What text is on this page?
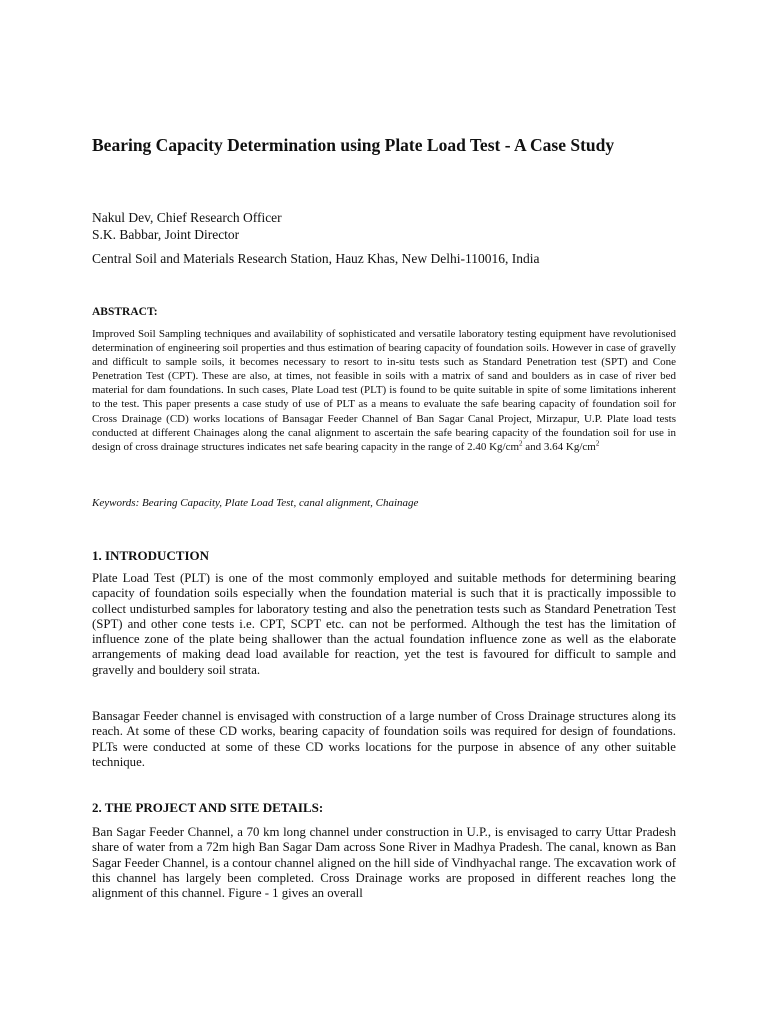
Bearing Capacity Determination using Plate Load Test - A Case Study
Nakul Dev, Chief Research Officer
S.K. Babbar, Joint Director
Central Soil and Materials Research Station, Hauz Khas, New Delhi-110016, India
ABSTRACT:

Improved Soil Sampling techniques and availability of sophisticated and versatile laboratory testing equipment have revolutionised determination of engineering soil properties and thus estimation of bearing capacity of foundation soils. However in case of gravelly and difficult to sample soils, it becomes necessary to resort to in-situ tests such as Standard Penetration test (SPT) and Cone Penetration Test (CPT). These are also, at times, not feasible in soils with a matrix of sand and boulders as in case of river bed material for dam foundations. In such cases, Plate Load test (PLT) is found to be quite suitable in spite of some limitations inherent to the test. This paper presents a case study of use of PLT as a means to evaluate the safe bearing capacity of foundation soil for Cross Drainage (CD) works locations of Bansagar Feeder Channel of Ban Sagar Canal Project, Mirzapur, U.P. Plate load tests conducted at different Chainages along the canal alignment to ascertain the safe bearing capacity of the foundation soil for use in design of cross drainage structures indicates net safe bearing capacity in the range of 2.40 $Kg/cm^2$ and 3.64 $Kg/cm^2$

Keywords: Bearing Capacity, Plate Load Test, canal alignment, Chainage
1. INTRODUCTION

Plate Load Test (PLT) is one of the most commonly employed and suitable methods for determining bearing capacity of foundation soils especially when the foundation material is such that it is practically impossible to collect undisturbed samples for laboratory testing and also the penetration tests such as Standard Penetration Test (SPT) and other cone tests i.e. CPT, SCPT etc. can not be performed. Although the test has the limitation of influence zone of the plate being shallower than the actual foundation influence zone as well as the elaborate arrangements of making dead load available for reaction, yet the test is favoured for difficult to sample and gravelly and bouldery soil strata.

Bansagar Feeder channel is envisaged with construction of a large number of Cross Drainage structures along its reach. At some of these CD works, bearing capacity of foundation soils was required for design of foundations. PLTs were conducted at some of these CD works locations for the purpose in absence of any other suitable technique.

2. THE PROJECT AND SITE DETAILS:

Ban Sagar Feeder Channel, a 70 km long channel under construction in U.P., is envisaged to carry Uttar Pradesh share of water from a 72m high Ban Sagar Dam across Sone River in Madhya Pradesh. The canal, known as Ban Sagar Feeder Channel, is a contour channel aligned on the hill side of Vindhyachal range. The excavation work of this channel has largely been completed. Cross Drainage works are proposed in different reaches long the alignment of this channel. Figure - 1 gives an overall
